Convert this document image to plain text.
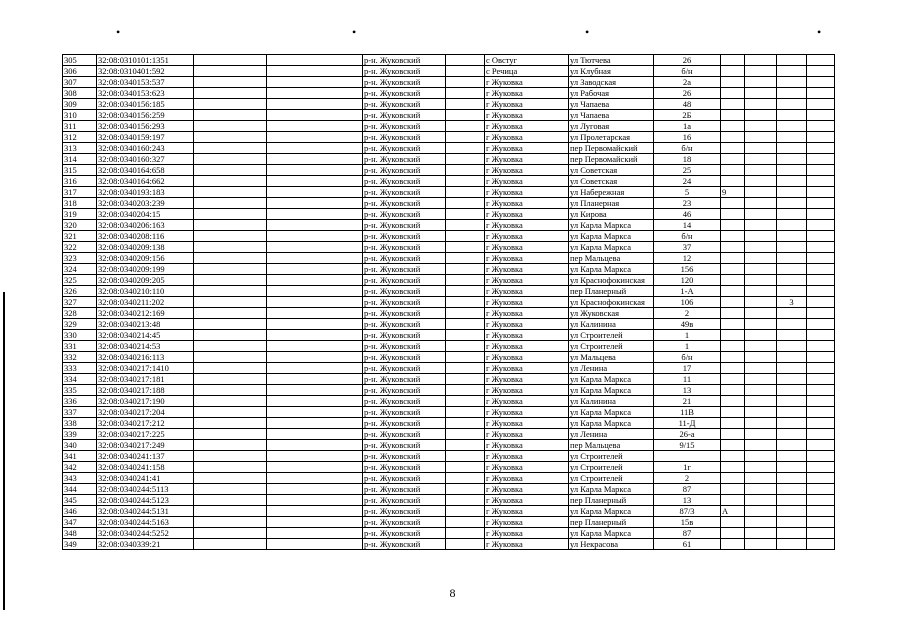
•	•	•	•
305	32:08:0310101:1351			р-н. Жуковский		с Овстуг	ул Тютчева	26				
306	32:08:0310401:592			р-н. Жуковский		с Речица	ул Клубная	б/н				
307	32:08:0340153:537			р-н. Жуковский		г Жуковка	ул Заводская	2а				
308	32:08:0340153:623			р-н. Жуковский		г Жуковка	ул Рабочая	26				
309	32:08:0340156:185			р-н. Жуковский		г Жуковка	ул Чапаева	48				
310	32:08:0340156:259			р-н. Жуковский		г Жуковка	ул Чапаева	2Б				
311	32:08:0340156:293			р-н. Жуковский		г Жуковка	ул Луговая	1а				
312	32:08:0340159:197			р-н. Жуковский		г Жуковка	ул Пролетарская	16				
313	32:08:0340160:243			р-н. Жуковский		г Жуковка	пер Первомайский	б/н				
314	32:08:0340160:327			р-н. Жуковский		г Жуковка	пер Первомайский	18				
315	32:08:0340164:658			р-н. Жуковский		г Жуковка	ул Советская	25				
316	32:08:0340164:662			р-н. Жуковский		г Жуковка	ул Советская	24				
317	32:08:0340193:183			р-н. Жуковский		г Жуковка	ул Набережная	5	9			
318	32:08:0340203:239			р-н. Жуковский		г Жуковка	ул Планерная	23				
319	32:08:0340204:15			р-н. Жуковский		г Жуковка	ул Кирова	46				
320	32:08:0340206:163			р-н. Жуковский		г Жуковка	ул Карла Маркса	14				
321	32:08:0340208:116			р-н. Жуковский		г Жуковка	ул Карла Маркса	б/н				
322	32:08:0340209:138			р-н. Жуковский		г Жуковка	ул Карла Маркса	37				
323	32:08:0340209:156			р-н. Жуковский		г Жуковка	пер Мальцева	12				
324	32:08:0340209:199			р-н. Жуковский		г Жуковка	ул Карла Маркса	156				
325	32:08:0340209:205			р-н. Жуковский		г Жуковка	ул Краснофокинская	120				
326	32:08:0340210:110			р-н. Жуковский		г Жуковка	пер Планерный	1-А				
327	32:08:0340211:202			р-н. Жуковский		г Жуковка	ул Краснофокинская	106			3	
328	32:08:0340212:169			р-н. Жуковский		г Жуковка	ул Жуковская	2				
329	32:08:0340213:48			р-н. Жуковский		г Жуковка	ул Калинина	49в				
330	32:08:0340214:45			р-н. Жуковский		г Жуковка	ул Строителей	1				
331	32:08:0340214:53			р-н. Жуковский		г Жуковка	ул Строителей	1				
332	32:08:0340216:113			р-н. Жуковский		г Жуковка	ул Мальцева	б/н				
333	32:08:0340217:1410			р-н. Жуковский		г Жуковка	ул Ленина	17				
334	32:08:0340217:181			р-н. Жуковский		г Жуковка	ул Карла Маркса	11				
335	32:08:0340217:188			р-н. Жуковский		г Жуковка	ул Карла Маркса	13				
336	32:08:0340217:190			р-н. Жуковский		г Жуковка	ул Калинина	21				
337	32:08:0340217:204			р-н. Жуковский		г Жуковка	ул Карла Маркса	11В				
338	32:08:0340217:212			р-н. Жуковский		г Жуковка	ул Карла Маркса	11-Д				
339	32:08:0340217:225			р-н. Жуковский		г Жуковка	ул Ленина	26-а				
340	32:08:0340217:249			р-н. Жуковский		г Жуковка	пер Мальцева	9/15				
341	32:08:0340241:137			р-н. Жуковский		г Жуковка	ул Строителей					
342	32:08:0340241:158			р-н. Жуковский		г Жуковка	ул Строителей	1г				
343	32:08:0340241:41			р-н. Жуковский		г Жуковка	ул Строителей	2				
344	32:08:0340244:5113			р-н. Жуковский		г Жуковка	ул Карла Маркса	87				
345	32:08:0340244:5123			р-н. Жуковский		г Жуковка	пер Планерный	13				
346	32:08:0340244:5131			р-н. Жуковский		г Жуковка	ул Карла Маркса	87/3	А			
347	32:08:0340244:5163			р-н. Жуковский		г Жуковка	пер Планерный	15в				
348	32:08:0340244:5252			р-н. Жуковский		г Жуковка	ул Карла Маркса	87				
349	32:08:0340339:21			р-н. Жуковский		г Жуковка	ул Некрасова	61				
8
